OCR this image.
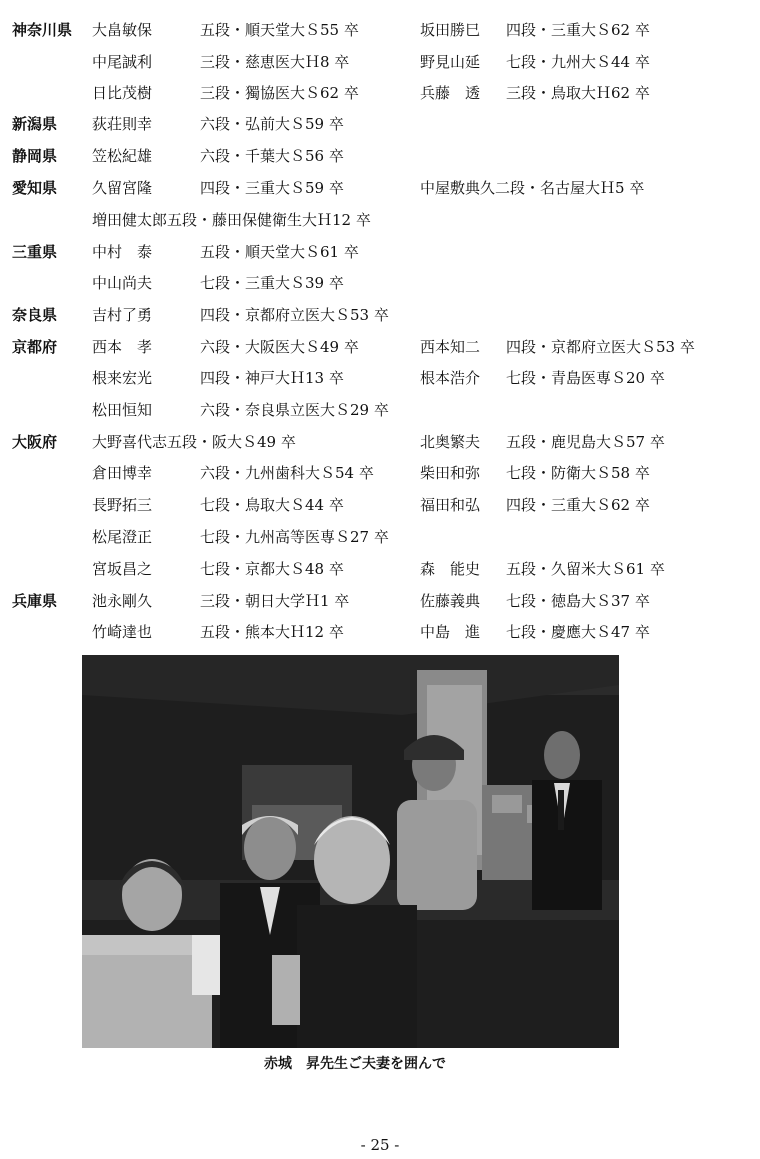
神奈川県 大畠敏保	五段・順天堂大Ｓ55 卒	坂田勝巳 四段・三重大Ｓ62 卒
中尾誠利	三段・慈恵医大Ｈ8 卒	野見山延 七段・九州大Ｓ44 卒
日比茂樹	三段・獨協医大Ｓ62 卒	兵藤　透 三段・鳥取大Ｈ62 卒
新潟県 荻荘則幸	六段・弘前大Ｓ59 卒
静岡県 笠松紀雄	六段・千葉大Ｓ56 卒
愛知県 久留宮隆	四段・三重大Ｓ59 卒	中屋敷典久二段・名古屋大Ｈ5 卒
増田健太郎五段・藤田保健衛生大Ｈ12 卒
三重県 中村　泰	五段・順天堂大Ｓ61 卒
中山尚夫	七段・三重大Ｓ39 卒
奈良県 吉村了勇	四段・京都府立医大Ｓ53 卒
京都府 西本　孝	六段・大阪医大Ｓ49 卒	西本知二 四段・京都府立医大Ｓ53 卒
根来宏光	四段・神戸大Ｈ13 卒	根本浩介 七段・青島医専Ｓ20 卒
松田恒知	六段・奈良県立医大Ｓ29 卒
大阪府 大野喜代志五段・阪大Ｓ49 卒	北奥繁夫 五段・鹿児島大Ｓ57 卒
倉田博幸	六段・九州歯科大Ｓ54 卒	柴田和弥 七段・防衛大Ｓ58 卒
長野拓三	七段・鳥取大Ｓ44 卒	福田和弘 四段・三重大Ｓ62 卒
松尾澄正	七段・九州高等医専Ｓ27 卒
宮坂昌之	七段・京都大Ｓ48 卒	森　能史 五段・久留米大Ｓ61 卒
兵庫県 池永剛久	三段・朝日大学Ｈ1 卒	佐藤義典 七段・徳島大Ｓ37 卒
竹崎達也	五段・熊本大Ｈ12 卒	中島　進 七段・慶應大Ｓ47 卒
赤城　昇先生ご夫妻を囲んで
- 25 -
